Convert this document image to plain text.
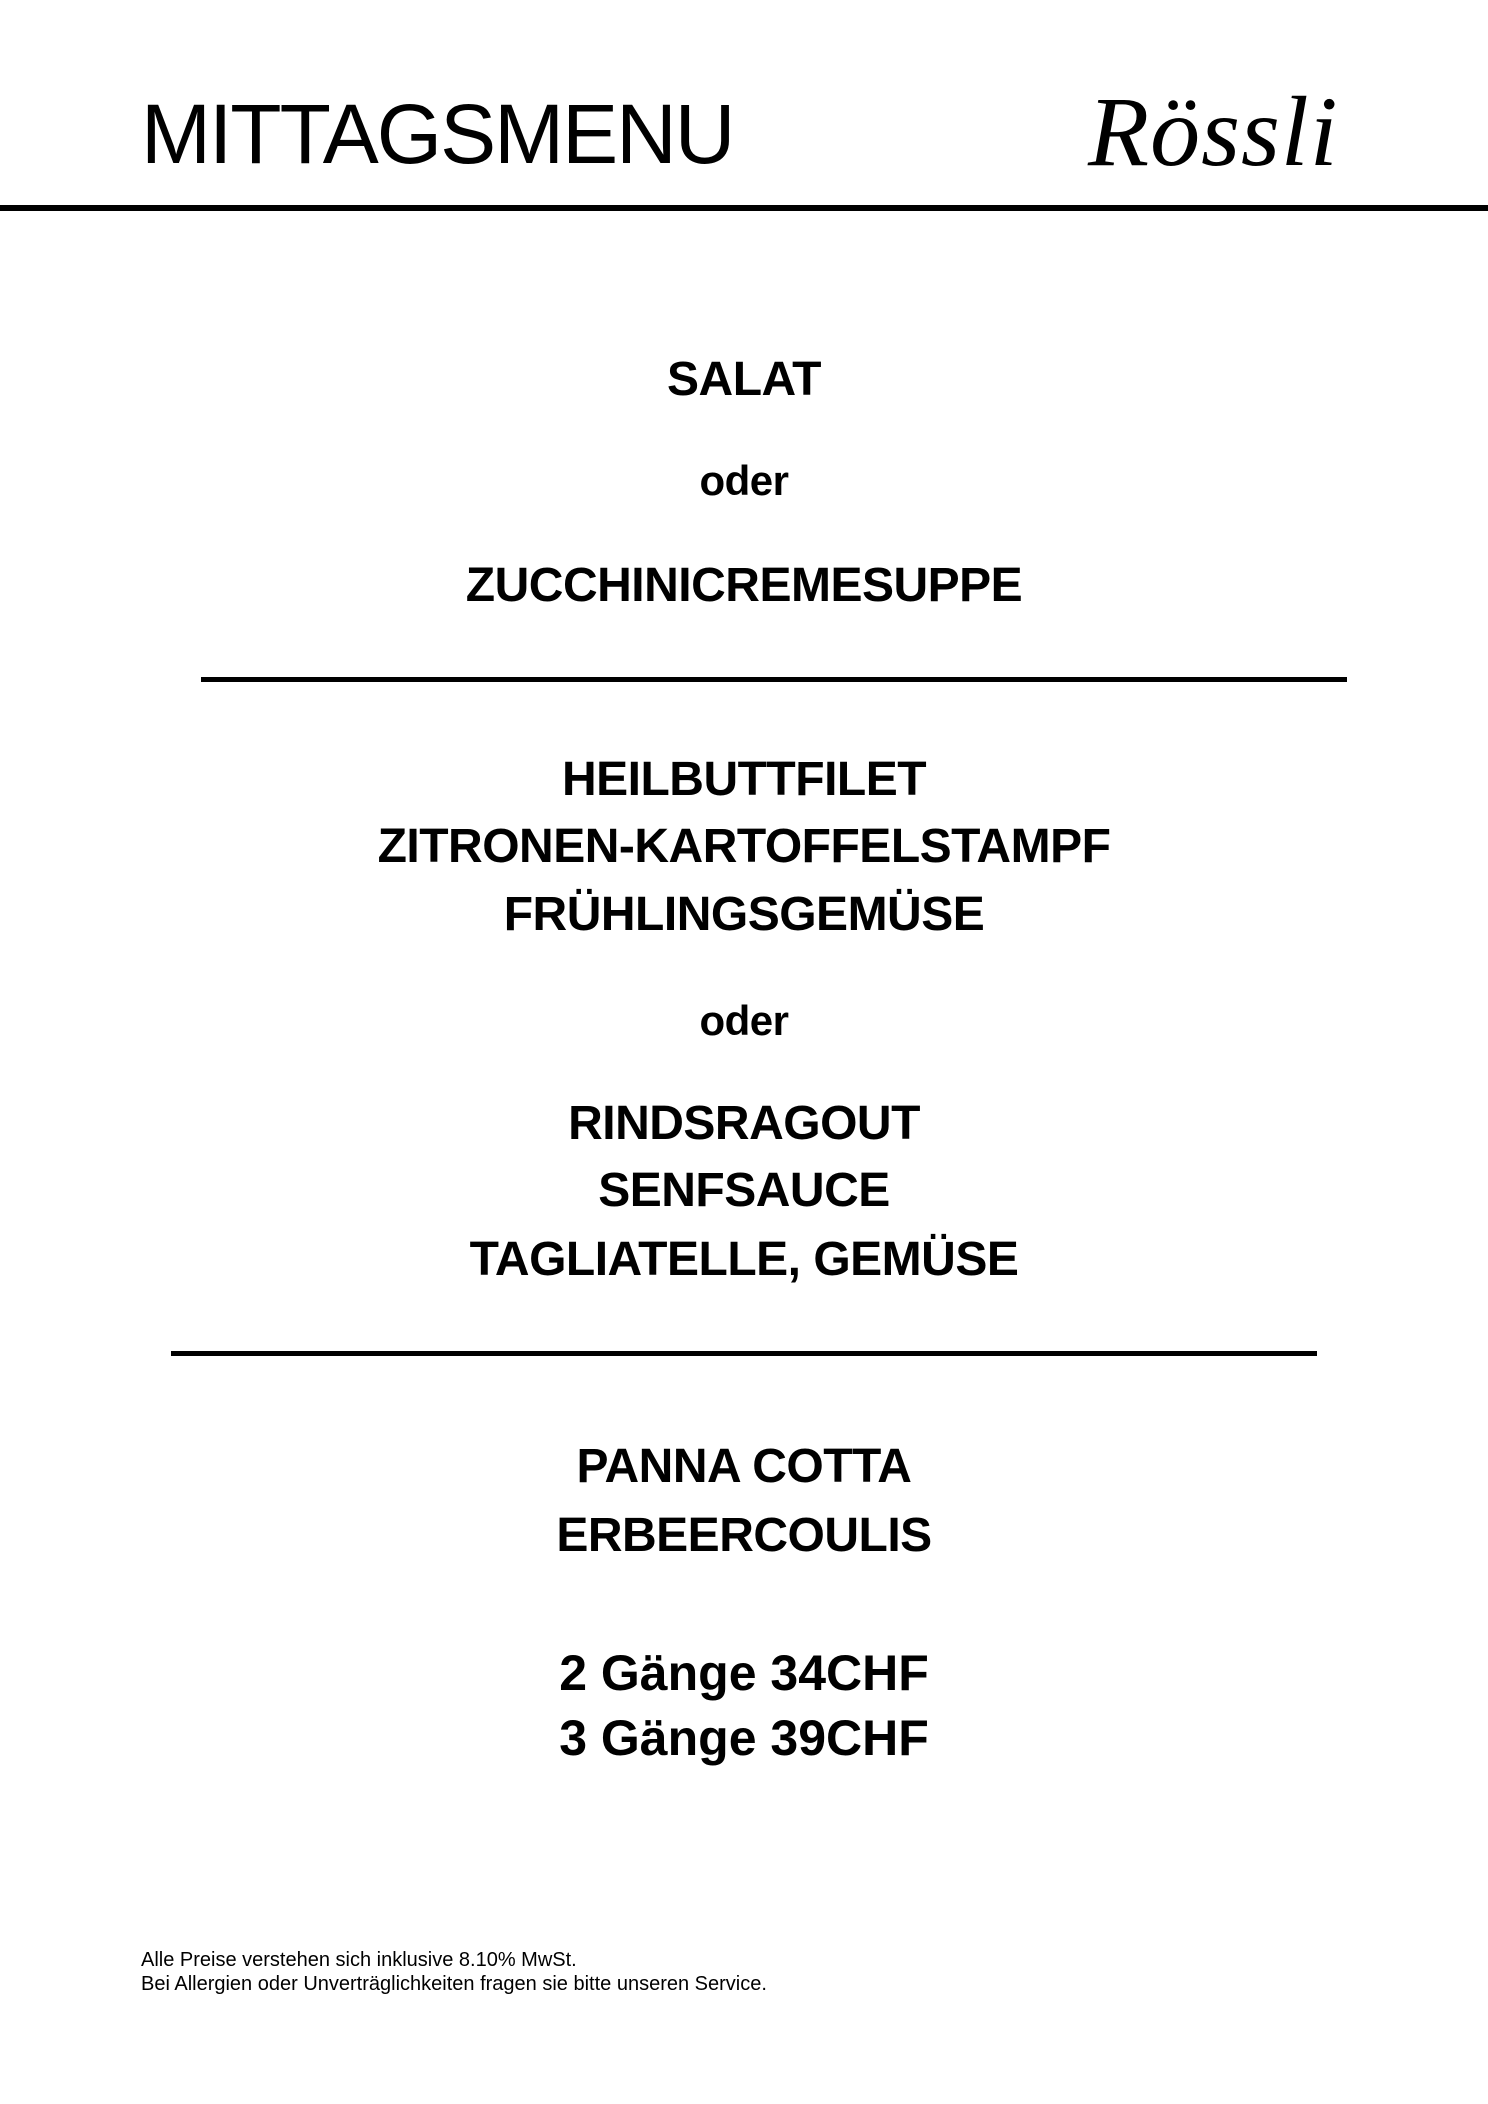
MITTAGSMENU	Rössli
SALAT
oder
ZUCCHINICREMESUPPE
HEILBUTTFILET
ZITRONEN-KARTOFFELSTAMPF
FRÜHLINGSGEMÜSE
oder
RINDSRAGOUT
SENFSAUCE
TAGLIATELLE, GEMÜSE
PANNA COTTA
ERBEERCOULIS
2 Gänge 34CHF
3 Gänge 39CHF

Alle Preise verstehen sich inklusive 8.10% MwSt.

Bei Allergien oder Unverträglichkeiten fragen sie bitte unseren Service.
